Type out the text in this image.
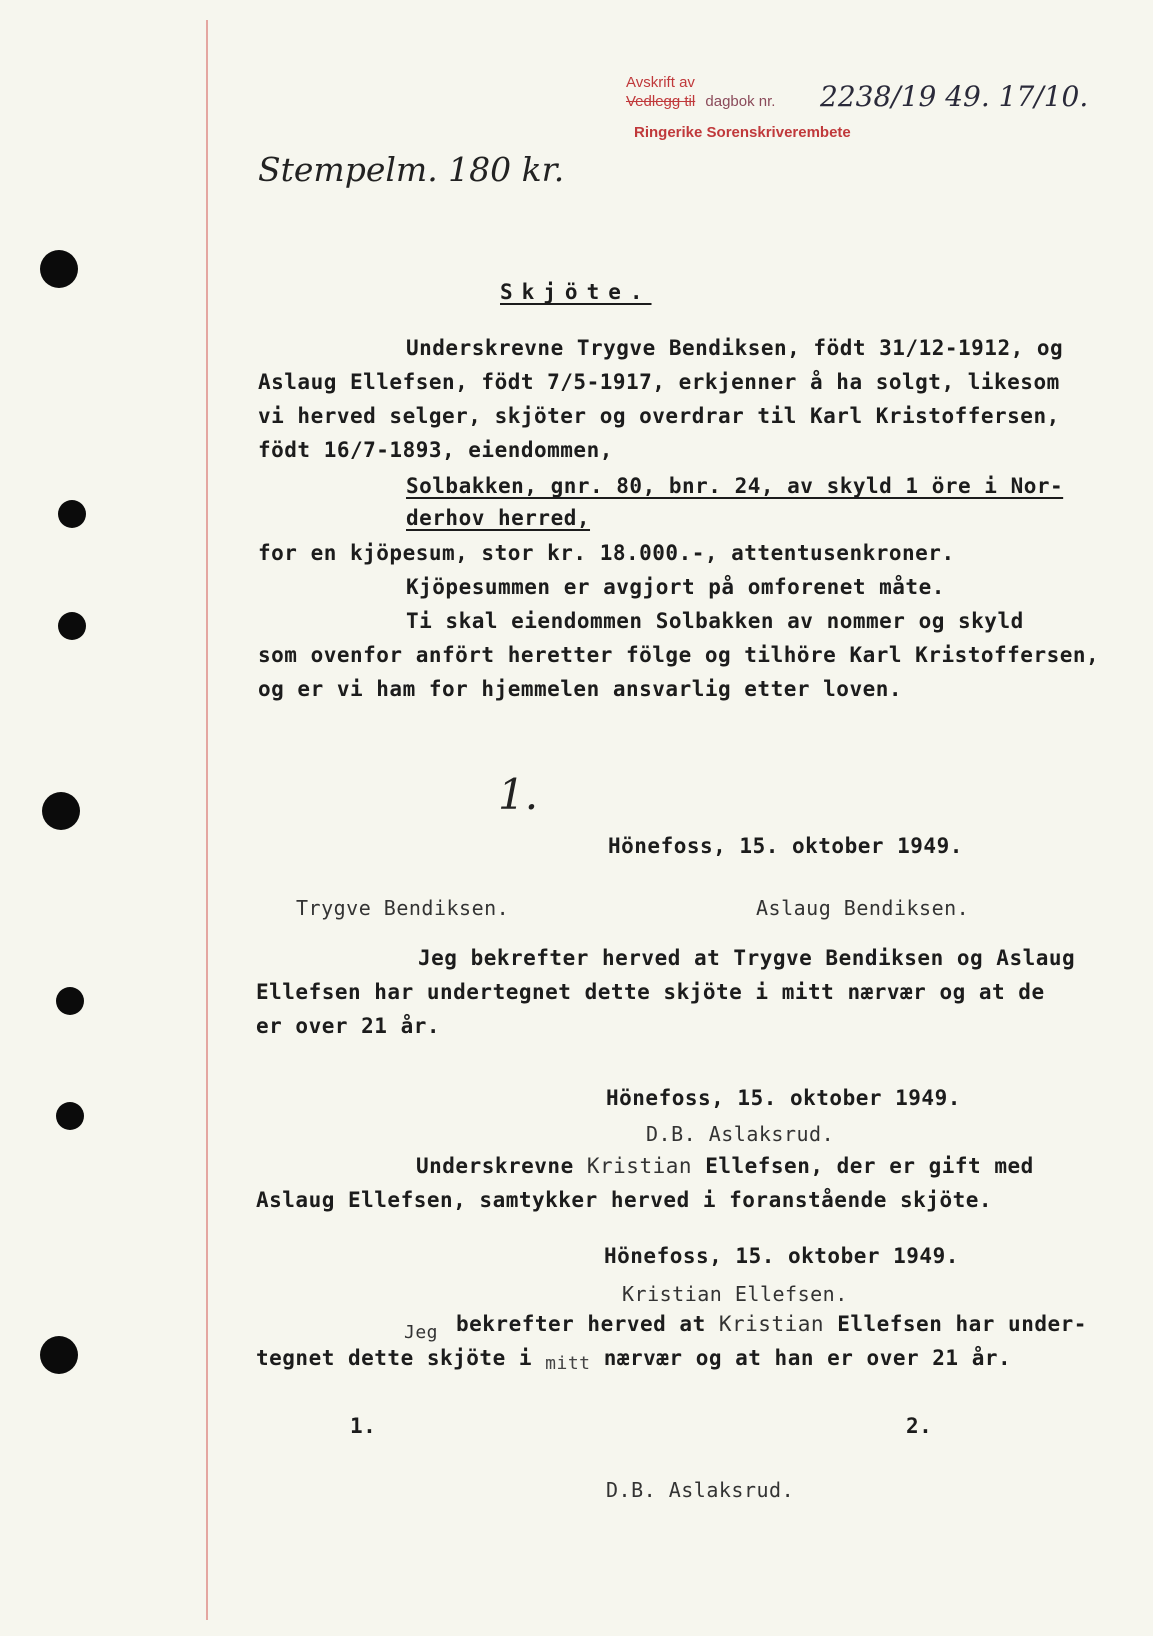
Avskrift av
Vedlegg til dagbok nr. 2238/19 49. 17/10.
Ringerike Sorenskriverembete
Stempelm. 180 kr.
Skjöte.
Underskrevne Trygve Bendiksen, födt 31/12-1912, og
Aslaug Ellefsen, födt 7/5-1917, erkjenner å ha solgt, likesom
vi herved selger, skjöter og overdrar til Karl Kristoffersen,
födt 16/7-1893, eiendommen,
Solbakken, gnr. 80, bnr. 24, av skyld 1 öre i Nor-
derhov herred,
for en kjöpesum, stor kr. 18.000.-, attentusenkroner.
Kjöpesummen er avgjort på omforenet måte.
Ti skal eiendommen Solbakken av nommer og skyld
som ovenfor anfört heretter fölge og tilhöre Karl Kristoffersen,
og er vi ham for hjemmelen ansvarlig etter loven.
1.
Hönefoss, 15. oktober 1949.
Trygve Bendiksen.	Aslaug Bendiksen.
Jeg bekrefter herved at Trygve Bendiksen og Aslaug
Ellefsen har undertegnet dette skjöte i mitt nærvær og at de
er over 21 år.
Hönefoss, 15. oktober 1949.
D.B. Aslaksrud.
Underskrevne Kristian Ellefsen, der er gift med
Aslaug Ellefsen, samtykker herved i foranstående skjöte.
Hönefoss, 15. oktober 1949.
Kristian Ellefsen.
Jeg bekrefter herved at Kristian Ellefsen har under-
tegnet dette skjöte i mitt nærvær og at han er over 21 år.
1.	2.
D.B. Aslaksrud.
